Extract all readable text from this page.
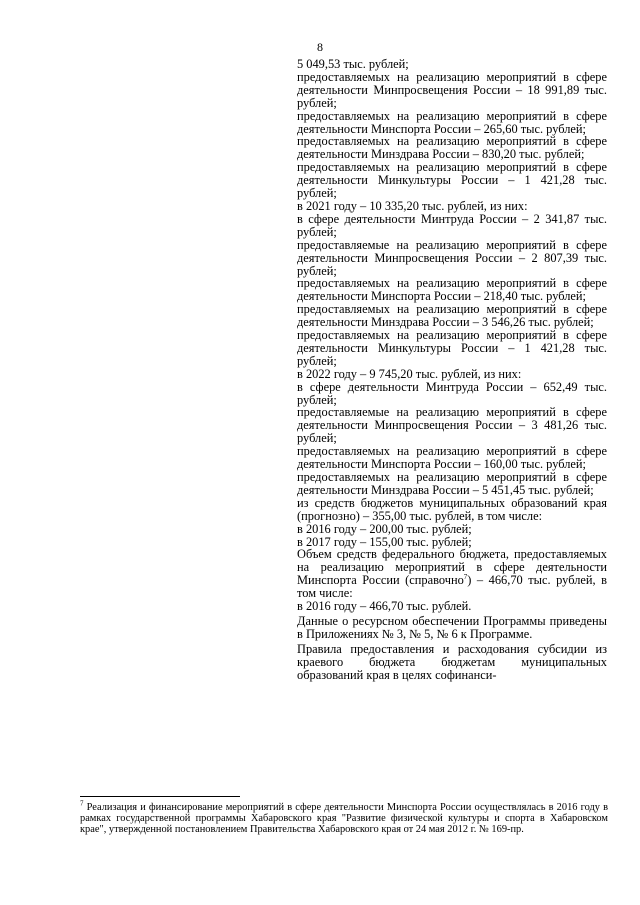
8

5 049,53 тыс. рублей;

предоставляемых на реализацию мероприятий в сфере деятельности Минпросвещения России – 18 991,89 тыс. рублей;

предоставляемых на реализацию мероприятий в сфере деятельности Минспорта России – 265,60 тыс. рублей;

предоставляемых на реализацию мероприятий в сфере деятельности Минздрава России – 830,20 тыс. рублей;

предоставляемых на реализацию мероприятий в сфере деятельности Минкультуры России – 1 421,28 тыс. рублей;

в 2021 году – 10 335,20 тыс. рублей, из них:

в сфере деятельности Минтруда России – 2 341,87 тыс. рублей;

предоставляемые на реализацию мероприятий в сфере деятельности Минпросвещения России – 2 807,39 тыс. рублей;

предоставляемых на реализацию мероприятий в сфере деятельности Минспорта России – 218,40 тыс. рублей;

предоставляемых на реализацию мероприятий в сфере деятельности Минздрава России – 3 546,26 тыс. рублей;

предоставляемых на реализацию мероприятий в сфере деятельности Минкультуры России – 1 421,28 тыс. рублей;

в 2022 году – 9 745,20 тыс. рублей, из них:

в сфере деятельности Минтруда России – 652,49 тыс. рублей;

предоставляемые на реализацию мероприятий в сфере деятельности Минпросвещения России – 3 481,26 тыс. рублей;

предоставляемых на реализацию мероприятий в сфере деятельности Минспорта России – 160,00 тыс. рублей;

предоставляемых на реализацию мероприятий в сфере деятельности Минздрава России – 5 451,45 тыс. рублей;

из средств бюджетов муниципальных образований края (прогнозно) – 355,00 тыс. рублей, в том числе:

в 2016 году – 200,00 тыс. рублей;

в 2017 году – 155,00 тыс. рублей;

Объем средств федерального бюджета, предоставляемых на реализацию мероприятий в сфере деятельности Минспорта России (справочно$^7$) – 466,70 тыс. рублей, в том числе:

в 2016 году – 466,70 тыс. рублей.

Данные о ресурсном обеспечении Программы приведены в Приложениях № 3, № 5, № 6 к Программе.

Правила предоставления и расходования субсидии из краевого бюджета бюджетам муниципальных образований края в целях софинанси-

$^7$ Реализация и финансирование мероприятий в сфере деятельности Минспорта России осуществлялась в 2016 году в рамках государственной программы Хабаровского края "Развитие физической культуры и спорта в Хабаровском крае", утвержденной постановлением Правительства Хабаровского края от 24 мая 2012 г. № 169-пр.
